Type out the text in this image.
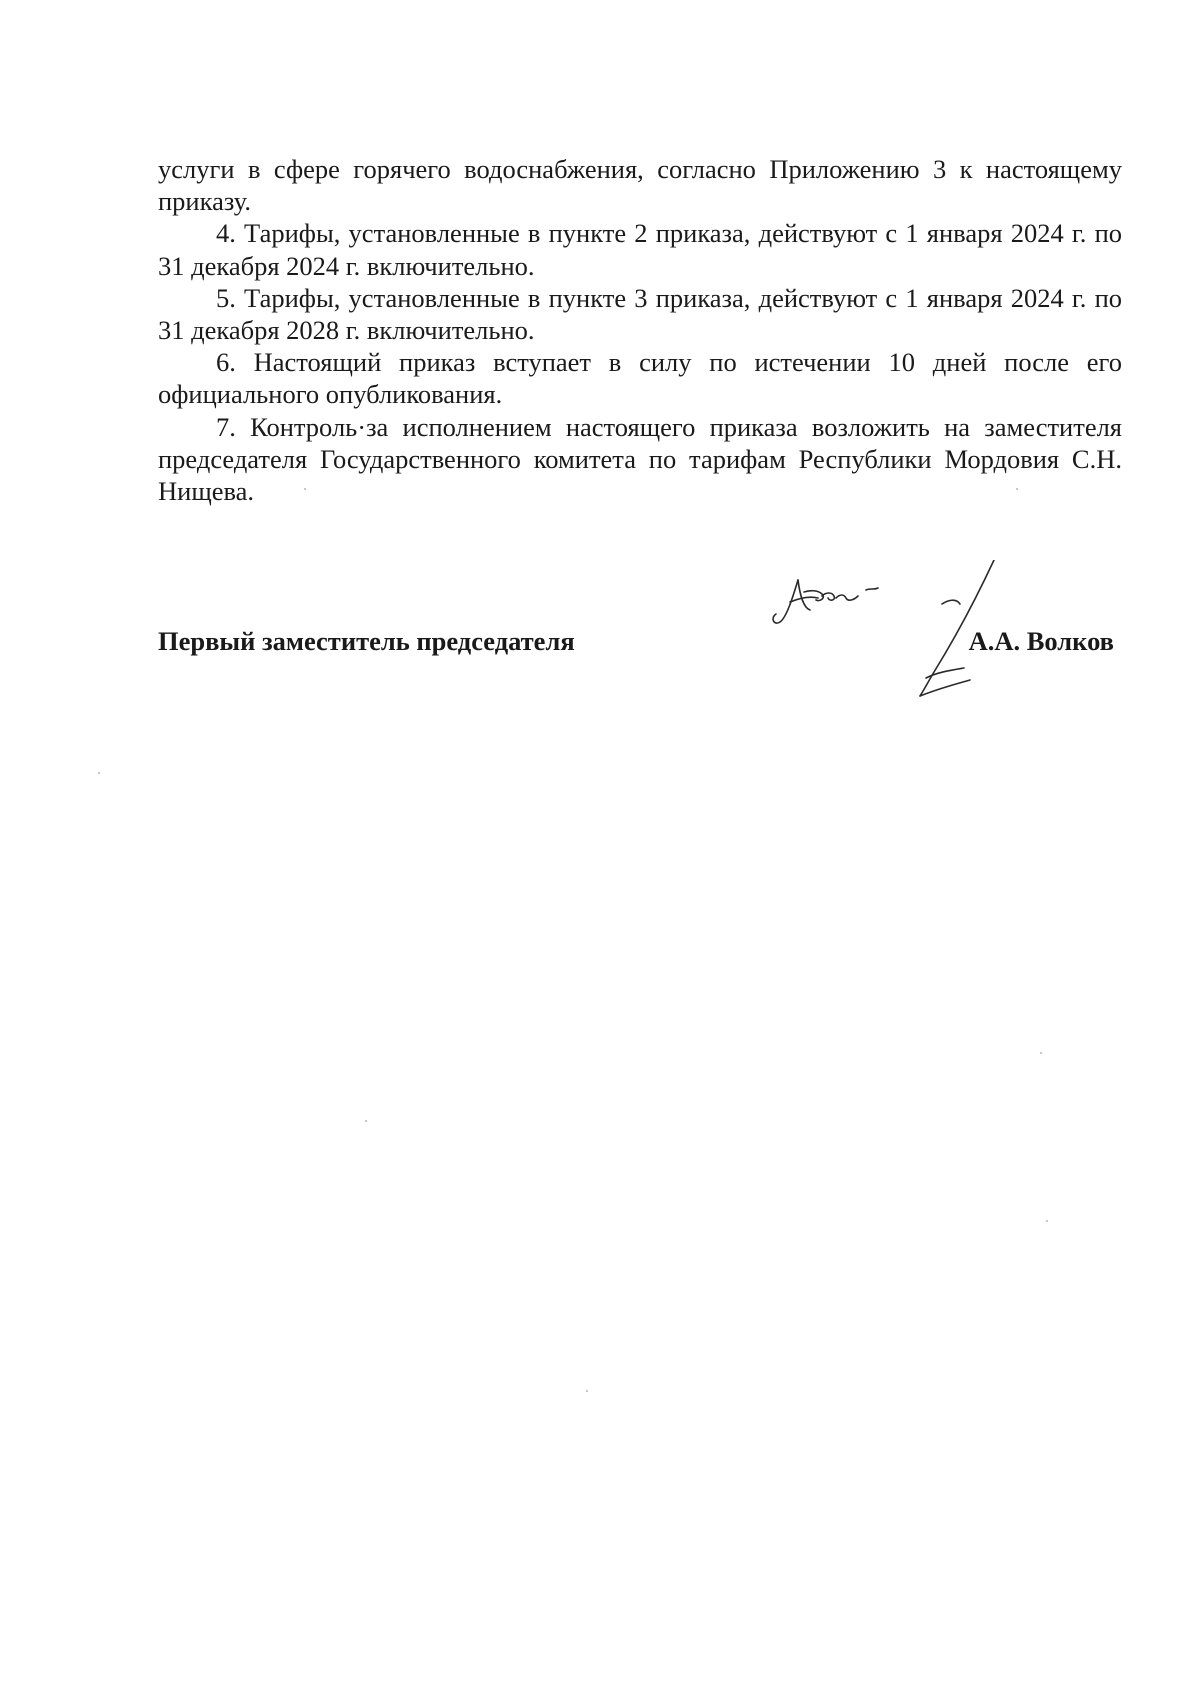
услуги в сфере горячего водоснабжения, согласно Приложению 3 к настоящему приказу.

4. Тарифы, установленные в пункте 2 приказа, действуют с 1 января 2024 г. по 31 декабря 2024 г. включительно.

5. Тарифы, установленные в пункте 3 приказа, действуют с 1 января 2024 г. по 31 декабря 2028 г. включительно.

6. Настоящий приказ вступает в силу по истечении 10 дней после его официального опубликования.

7. Контроль·за исполнением настоящего приказа возложить на заместителя председателя Государственного комитета по тарифам Республики Мордовия С.Н. Нищева.

Первый заместитель председателя	А.А. Волков
